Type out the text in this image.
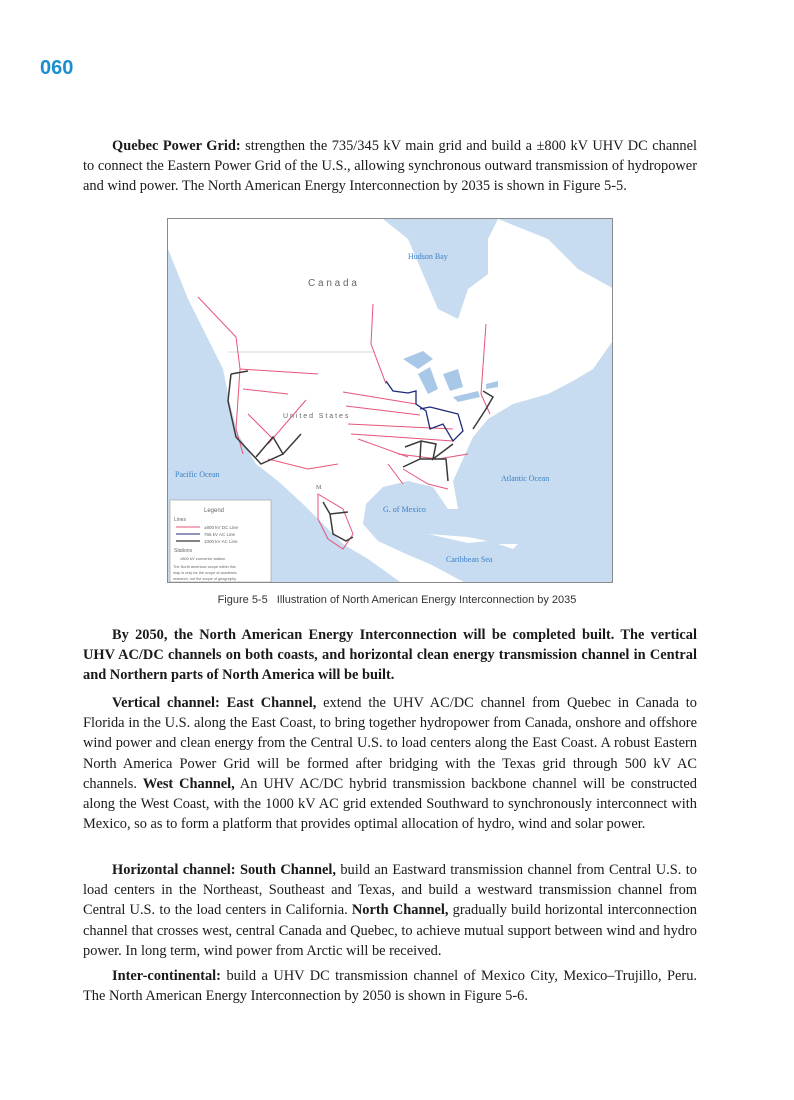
060

Quebec Power Grid: strengthen the 735/345 kV main grid and build a ±800 kV UHV DC channel to connect the Eastern Power Grid of the U.S., allowing synchronous outward transmission of hydropower and wind power. The North American Energy Interconnection by 2035 is shown in Figure 5-5.

Hudson Bay
C a n a d a
U n i t e d   S t a t e s
Pacific Ocean	Atlantic Ocean
G. of Mexico
Caribbean Sea
M
Legend
Lines
±800 kV DC Line
765 kV AC Line
1000 kV AC Line
Stations
±800 kV convertor station
The North American scope within this
map is only for the scope of academic
research, not the scope of geography.
Figure 5-5 Illustration of North American Energy Interconnection by 2035

By 2050, the North American Energy Interconnection will be completed built. The vertical UHV AC/DC channels on both coasts, and horizontal clean energy transmission channel in Central and Northern parts of North America will be built.

Vertical channel: East Channel, extend the UHV AC/DC channel from Quebec in Canada to Florida in the U.S. along the East Coast, to bring together hydropower from Canada, onshore and offshore wind power and clean energy from the Central U.S. to load centers along the East Coast. A robust Eastern North America Power Grid will be formed after bridging with the Texas grid through 500 kV AC channels. West Channel, An UHV AC/DC hybrid transmission backbone channel will be constructed along the West Coast, with the 1000 kV AC grid extended Southward to synchronously interconnect with Mexico, so as to form a platform that provides optimal allocation of hydro, wind and solar power.

Horizontal channel: South Channel, build an Eastward transmission channel from Central U.S. to load centers in the Northeast, Southeast and Texas, and build a westward transmission channel from Central U.S. to the load centers in California. North Channel, gradually build horizontal interconnection channel that crosses west, central Canada and Quebec, to achieve mutual support between wind and hydro power. In long term, wind power from Arctic will be received.

Inter-continental: build a UHV DC transmission channel of Mexico City, Mexico–Trujillo, Peru. The North American Energy Interconnection by 2050 is shown in Figure 5-6.
